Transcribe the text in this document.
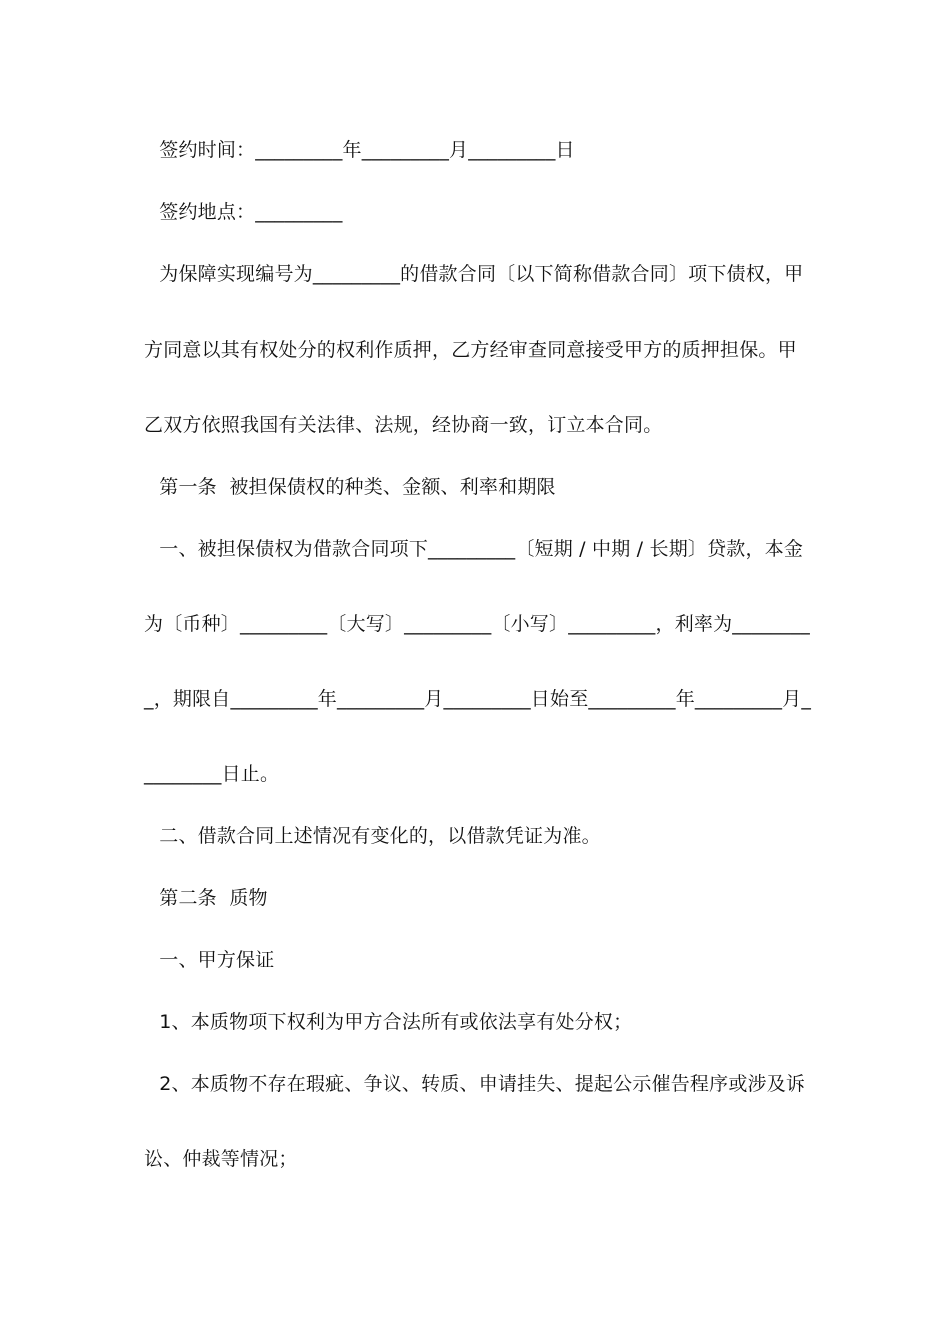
签约时间：_________年_________月_________日
签约地点：_________
为保障实现编号为_________的借款合同〔以下简称借款合同〕项下债权，甲
方同意以其有权处分的权利作质押，乙方经审查同意接受甲方的质押担保。甲
乙双方依照我国有关法律、法规，经协商一致，订立本合同。
第一条  被担保债权的种类、金额、利率和期限
一、被担保债权为借款合同项下_________〔短期 / 中期 / 长期〕贷款，本金
为〔币种〕_________〔大写〕_________〔小写〕_________，利率为________
_，期限自_________年_________月_________日始至_________年_________月_
________日止。
二、借款合同上述情况有变化的，以借款凭证为准。
第二条  质物
一、甲方保证
1、本质物项下权利为甲方合法所有或依法享有处分权；
2、本质物不存在瑕疵、争议、转质、申请挂失、提起公示催告程序或涉及诉
讼、仲裁等情况；
